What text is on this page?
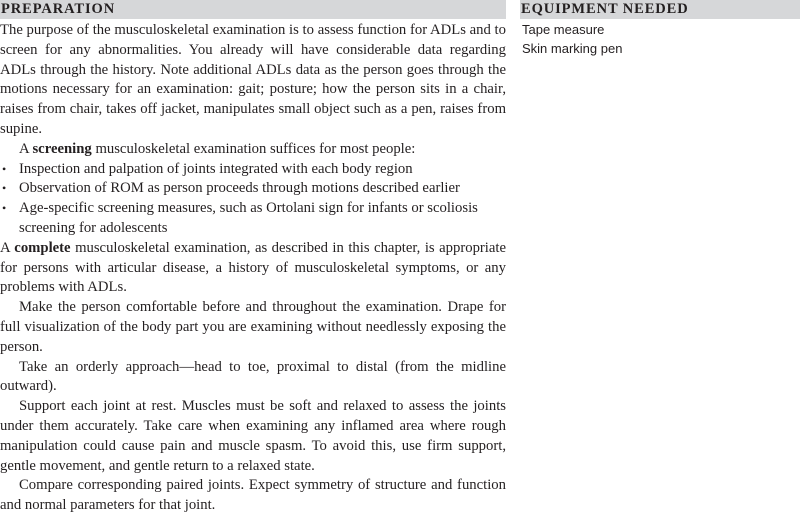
PREPARATION

The purpose of the musculoskeletal examination is to assess function for ADLs and to screen for any abnormalities. You already will have considerable data regarding ADLs through the history. Note additional ADLs data as the person goes through the motions necessary for an examination: gait; posture; how the person sits in a chair, raises from chair, takes off jacket, manipulates small object such as a pen, raises from supine.

A screening musculoskeletal examination suffices for most people:

• Inspection and palpation of joints integrated with each body region
• Observation of ROM as person proceeds through motions described earlier
• Age-specific screening measures, such as Ortolani sign for infants or scoliosis screening for adolescents

A complete musculoskeletal examination, as described in this chapter, is appropriate for persons with articular disease, a history of musculoskeletal symptoms, or any problems with ADLs.

Make the person comfortable before and throughout the examination. Drape for full visualization of the body part you are examining without needlessly exposing the person.

Take an orderly approach—head to toe, proximal to distal (from the midline outward).

Support each joint at rest. Muscles must be soft and relaxed to assess the joints under them accurately. Take care when examining any inflamed area where rough manipulation could cause pain and muscle spasm. To avoid this, use firm support, gentle movement, and gentle return to a relaxed state.

Compare corresponding paired joints. Expect symmetry of structure and function and normal parameters for that joint.

EQUIPMENT NEEDED
Tape measure
Skin marking pen
